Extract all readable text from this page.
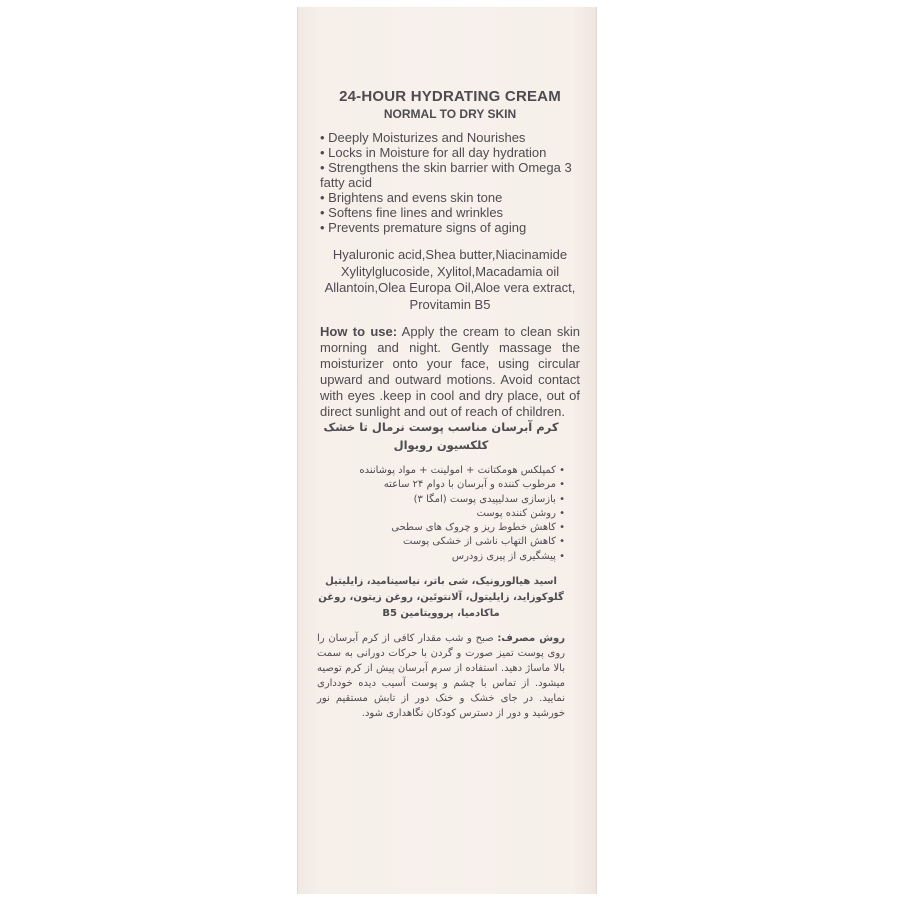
24-HOUR HYDRATING CREAM
NORMAL TO DRY SKIN
• Deeply Moisturizes and Nourishes
• Locks in Moisture for all day hydration
• Strengthens the skin barrier with Omega 3 fatty acid
• Brightens and evens skin tone
• Softens fine lines and wrinkles
• Prevents premature signs of aging

Hyaluronic acid,Shea butter,Niacinamide Xylitylglucoside, Xylitol,Macadamia oil Allantoin,Olea Europa Oil,Aloe vera extract, Provitamin B5

How to use: Apply the cream to clean skin morning and night. Gently massage the moisturizer onto your face, using circular upward and outward motions. Avoid contact with eyes .keep in cool and dry place, out of direct sunlight and out of reach of children.

کرم آبرسان مناسب پوست نرمال تا خشک
کلکسیون رویوال
• کمپلکس هومکتانت + امولینت + مواد پوشاننده
• مرطوب کننده و آبرسان با دوام ۲۴ ساعته
• بازسازی سدلیپیدی پوست (امگا ۳)
• روشن کننده پوست
• کاهش خطوط ریز و چروک های سطحی
• کاهش التهاب ناشی از خشکی پوست
• پیشگیری از پیری زودرس

اسید هیالورونیک، شی باتر، نیاسینامید، زایلیتیل گلوکوزاید، زایلیتول، آلانتوئین، روغن زیتون، روغن ماکادمیا، پروویتامین B5

روش مصرف: صبح و شب مقدار کافی از کرم آبرسان را روی پوست تمیز صورت و گردن با حرکات دورانی به سمت بالا ماساژ دهید. استفاده از سرم آبرسان پیش از کرم توصیه میشود. از تماس با چشم و پوست آسیب دیده خودداری نمایید. در جای خشک و خنک دور از تابش مستقیم نور خورشید و دور از دسترس کودکان نگاهداری شود.
